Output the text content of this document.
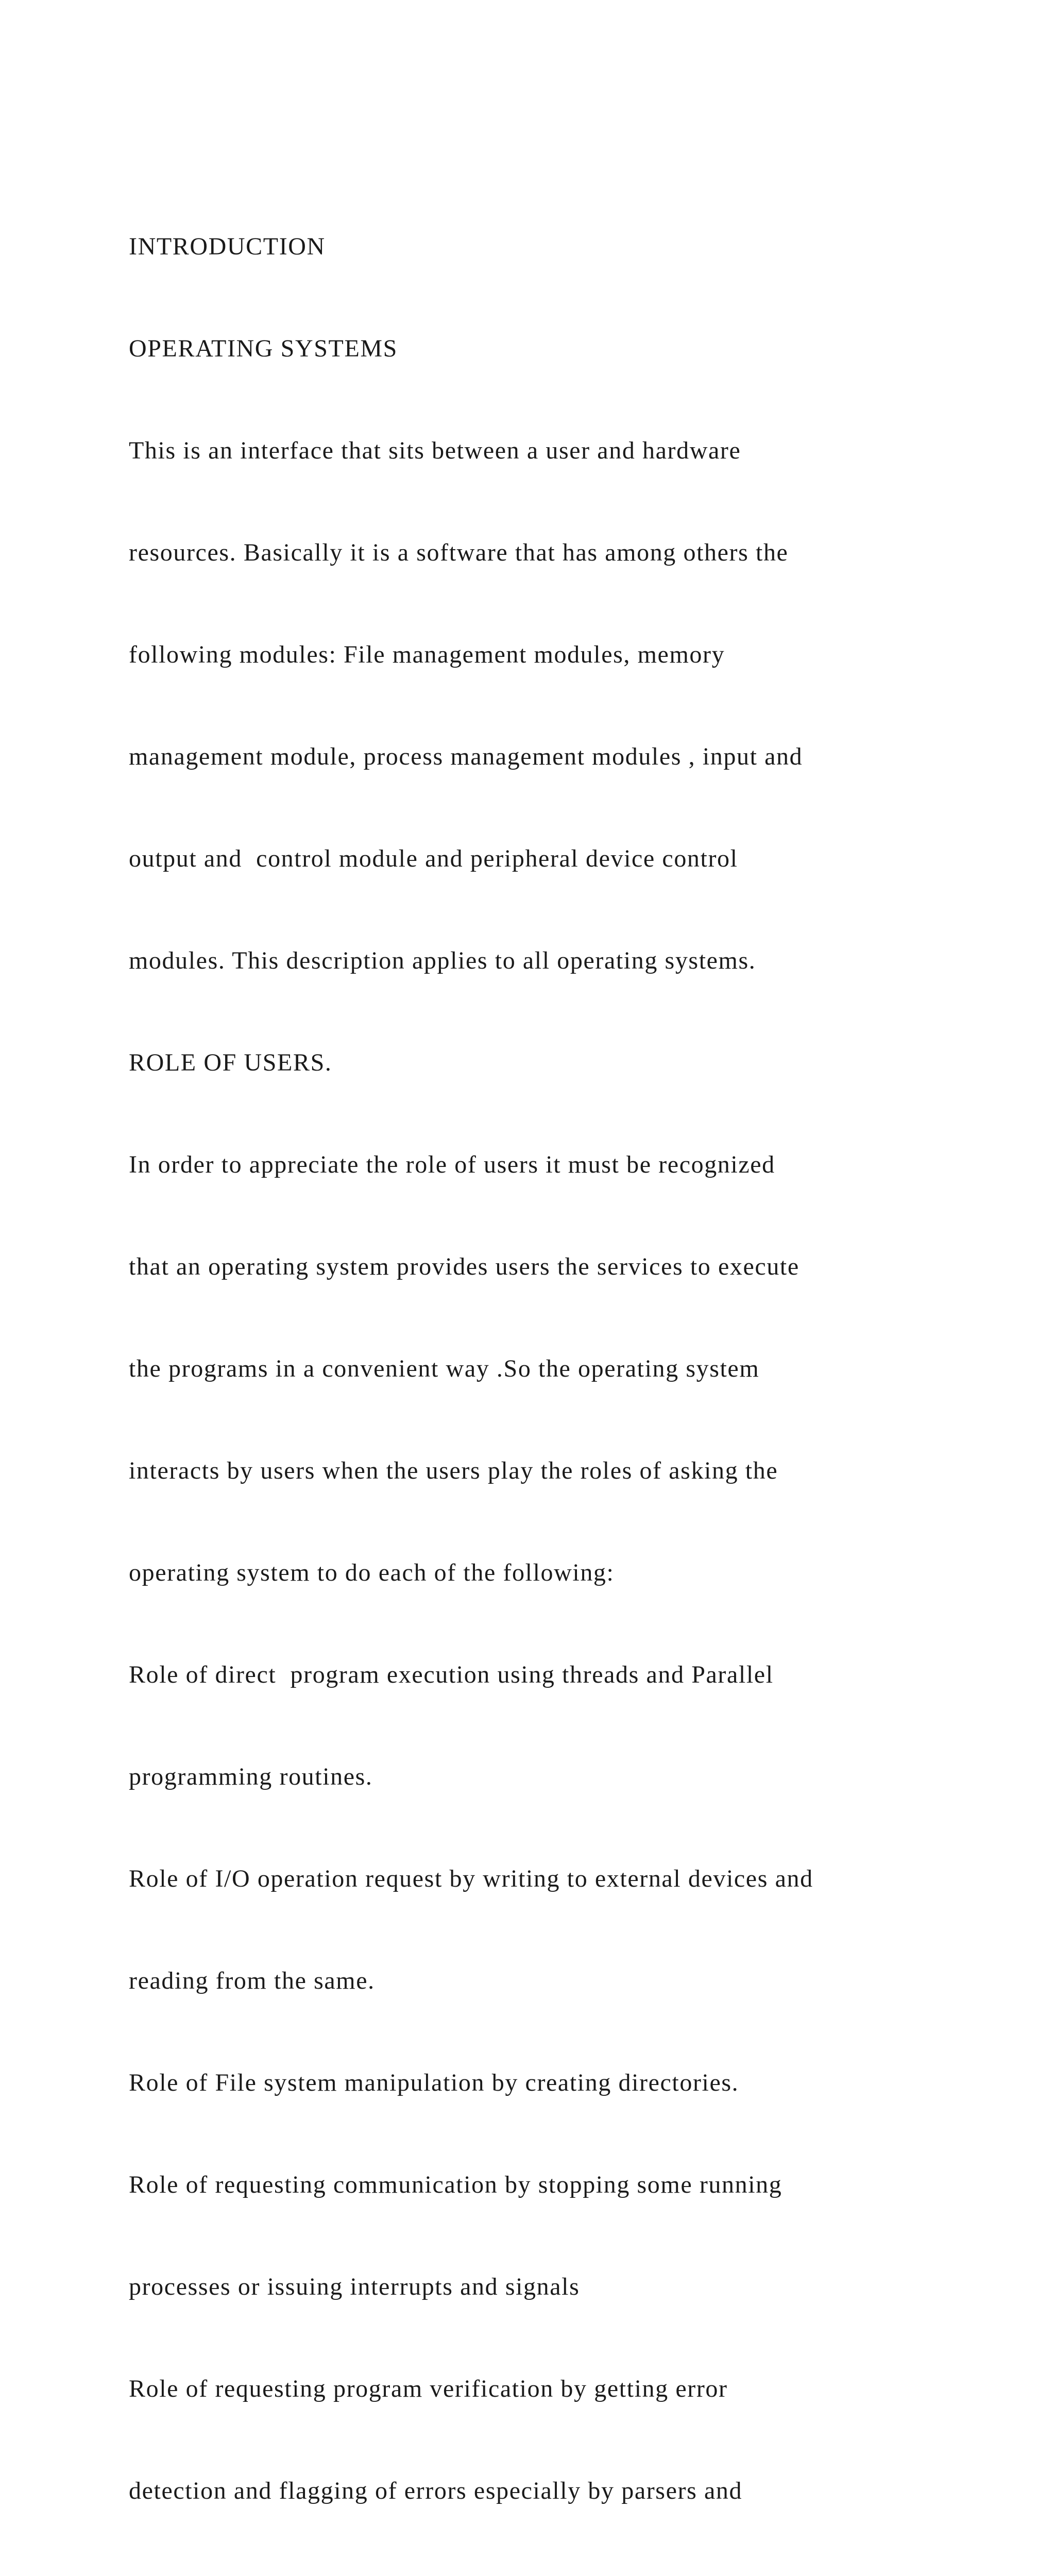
INTRODUCTION

OPERATING SYSTEMS

This is an interface that sits between a user and hardware

resources. Basically it is a software that has among others the

following modules: File management modules, memory

management module, process management modules , input and

output and  control module and peripheral device control

modules. This description applies to all operating systems.

ROLE OF USERS.

In order to appreciate the role of users it must be recognized

that an operating system provides users the services to execute

the programs in a convenient way .So the operating system

interacts by users when the users play the roles of asking the

operating system to do each of the following:

Role of direct  program execution using threads and Parallel

programming routines.

Role of I/O operation request by writing to external devices and

reading from the same.

Role of File system manipulation by creating directories.

Role of requesting communication by stopping some running

processes or issuing interrupts and signals

Role of requesting program verification by getting error

detection and flagging of errors especially by parsers and
